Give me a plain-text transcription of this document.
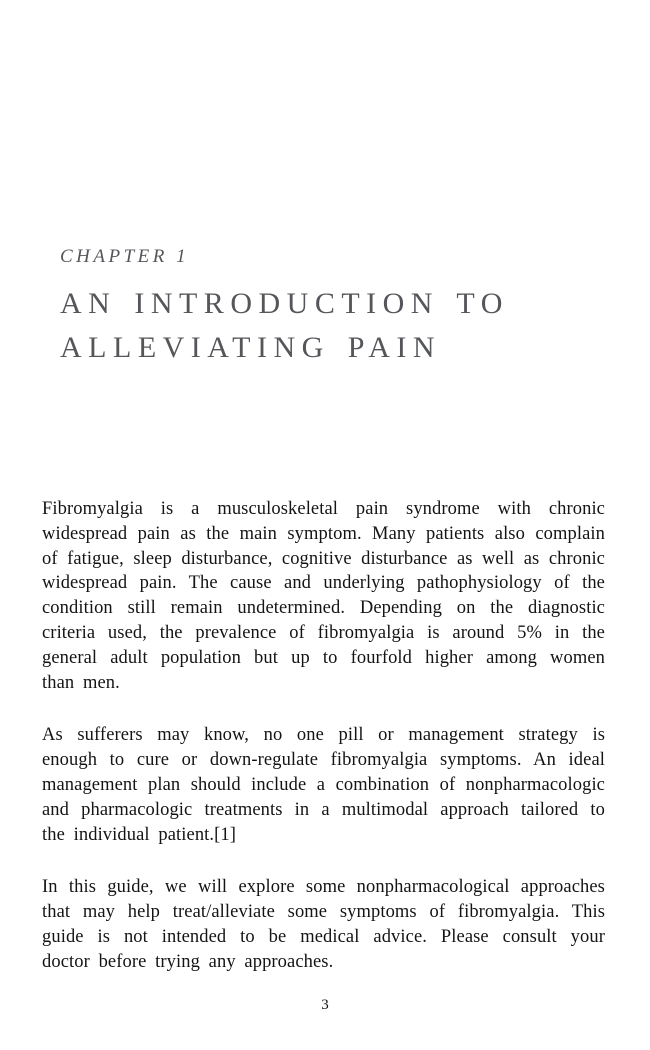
CHAPTER 1
AN INTRODUCTION TO ALLEVIATING PAIN

Fibromyalgia is a musculoskeletal pain syndrome with chronic widespread pain as the main symptom. Many patients also complain of fatigue, sleep disturbance, cognitive disturbance as well as chronic widespread pain. The cause and underlying pathophysiology of the condition still remain undetermined. Depending on the diagnostic criteria used, the prevalence of fibromyalgia is around 5% in the general adult population but up to fourfold higher among women than men.

As sufferers may know, no one pill or management strategy is enough to cure or down-regulate fibromyalgia symptoms. An ideal management plan should include a combination of nonpharmacologic and pharmacologic treatments in a multimodal approach tailored to the individual patient.[1]

In this guide, we will explore some nonpharmacological approaches that may help treat/alleviate some symptoms of fibromyalgia. This guide is not intended to be medical advice. Please consult your doctor before trying any approaches.

3
